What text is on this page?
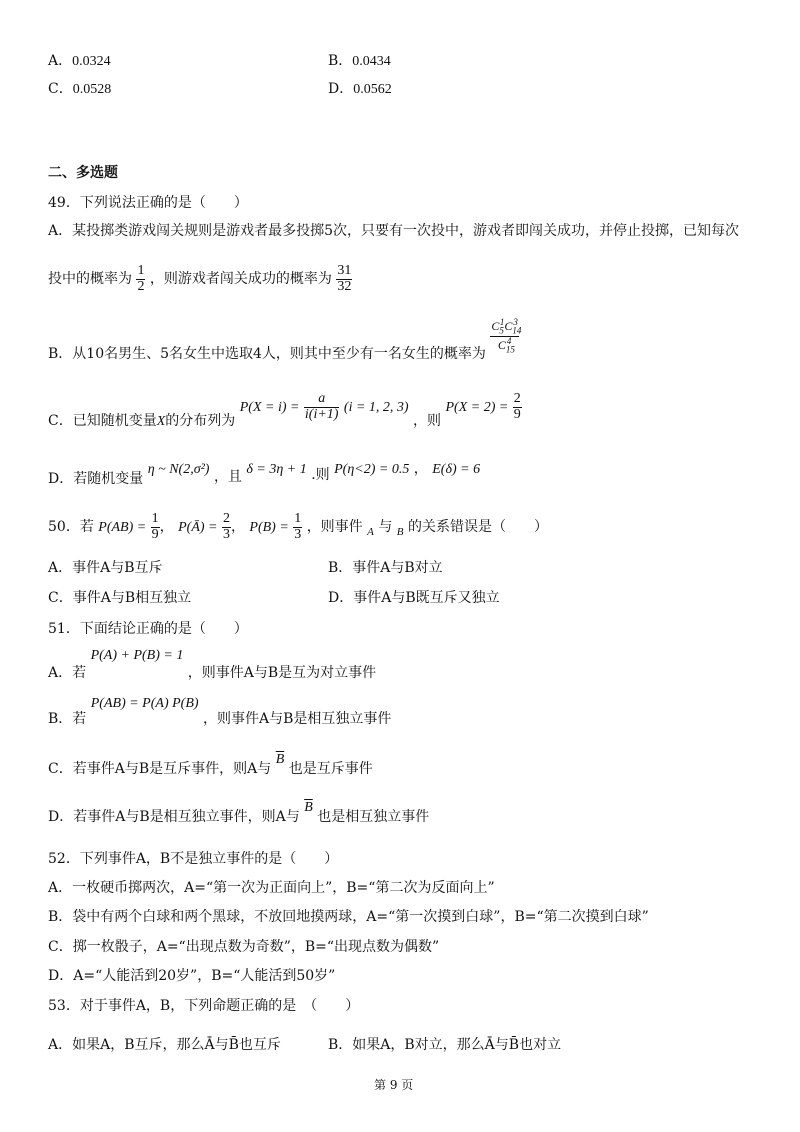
A．0.0324	B．0.0434
C．0.0528	D．0.0562
二、多选题
49．下列说法正确的是（　　）
A．某投掷类游戏闯关规则是游戏者最多投掷5次，只要有一次投中，游戏者即闯关成功，并停止投掷，已知每次
投中的概率为 $\frac{1}{2}$ ，则游戏者闯关成功的概率为 $\frac{31}{32}$
B．从10名男生、5名女生中选取4人，则其中至少有一名女生的概率为 $\frac{C_5^1C_{14}^3}{C_{15}^4}$
C．已知随机变量X的分布列为 $P(X = i) = \frac{a}{i(i+1)} (i = 1$, 2, 3) ，则 $P(X = 2) = \frac{2}{9}$
D．若随机变量 η ~ N(2,σ²) ，且 δ = 3η + 1 .则 P(η<2) = 0.5 ， E(δ) = 6
50．若 $P(AB) = \frac{1}{9}$ ， P(Ā) = $\frac{2}{3}$ ， $P(B) = \frac{1}{3}$ ，则事件 $_A$ 与 $_B$ 的关系错误是（　　）
A．事件A与B互斥	B．事件A与B对立
C．事件A与B相互独立	D．事件A与B既互斥又独立
51．下面结论正确的是（　　）
A．若 P(A) + P(B) = 1 ，则事件A与B是互为对立事件
B．若 P(AB) = P(A) P(B) ，则事件A与B是相互独立事件
C．若事件A与B是互斥事件，则A与 $\overline{B}$ 也是互斥事件
D．若事件A与B是相互独立事件，则A与 $\overline{B}$ 也是相互独立事件
52．下列事件A，B不是独立事件的是（　　）
A．一枚硬币掷两次，A=“第一次为正面向上”，B=“第二次为反面向上”
B．袋中有两个白球和两个黑球，不放回地摸两球，A=“第一次摸到白球”，B=“第二次摸到白球”
C．掷一枚骰子，A=“出现点数为奇数”，B=“出现点数为偶数”
D．A=“人能活到20岁”，B=“人能活到50岁”
53．对于事件A，B，下列命题正确的是　（　　）
A．如果A，B互斥，那么Ā与B̄也互斥	B．如果A，B对立，那么Ā与B̄也对立
第 9 页
